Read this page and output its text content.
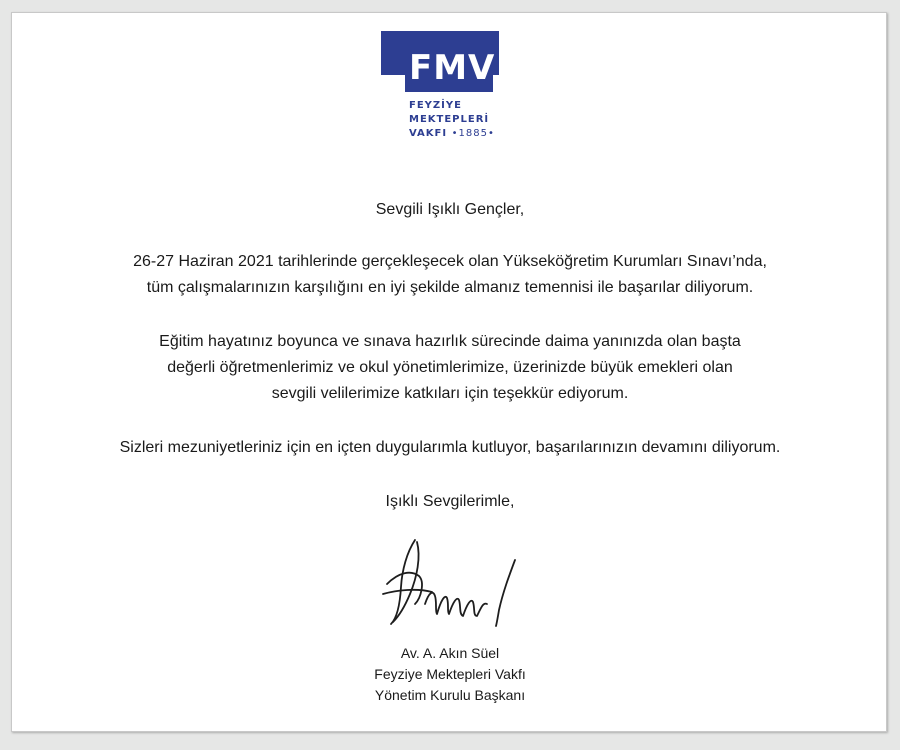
FMV
FEYZİYE
MEKTEPLERİ
VAKFI •1885•

Sevgili Işıklı Gençler,

26-27 Haziran 2021 tarihlerinde gerçekleşecek olan Yükseköğretim Kurumları Sınavı’nda,

tüm çalışmalarınızın karşılığını en iyi şekilde almanız temennisi ile başarılar diliyorum.

Eğitim hayatınız boyunca ve sınava hazırlık sürecinde daima yanınızda olan başta

değerli öğretmenlerimiz ve okul yönetimlerimize, üzerinizde büyük emekleri olan

sevgili velilerimize katkıları için teşekkür ediyorum.

Sizleri mezuniyetleriniz için en içten duygularımla kutluyor, başarılarınızın devamını diliyorum.

Işıklı Sevgilerimle,

Av. A. Akın Süel
Feyziye Mektepleri Vakfı
Yönetim Kurulu Başkanı
